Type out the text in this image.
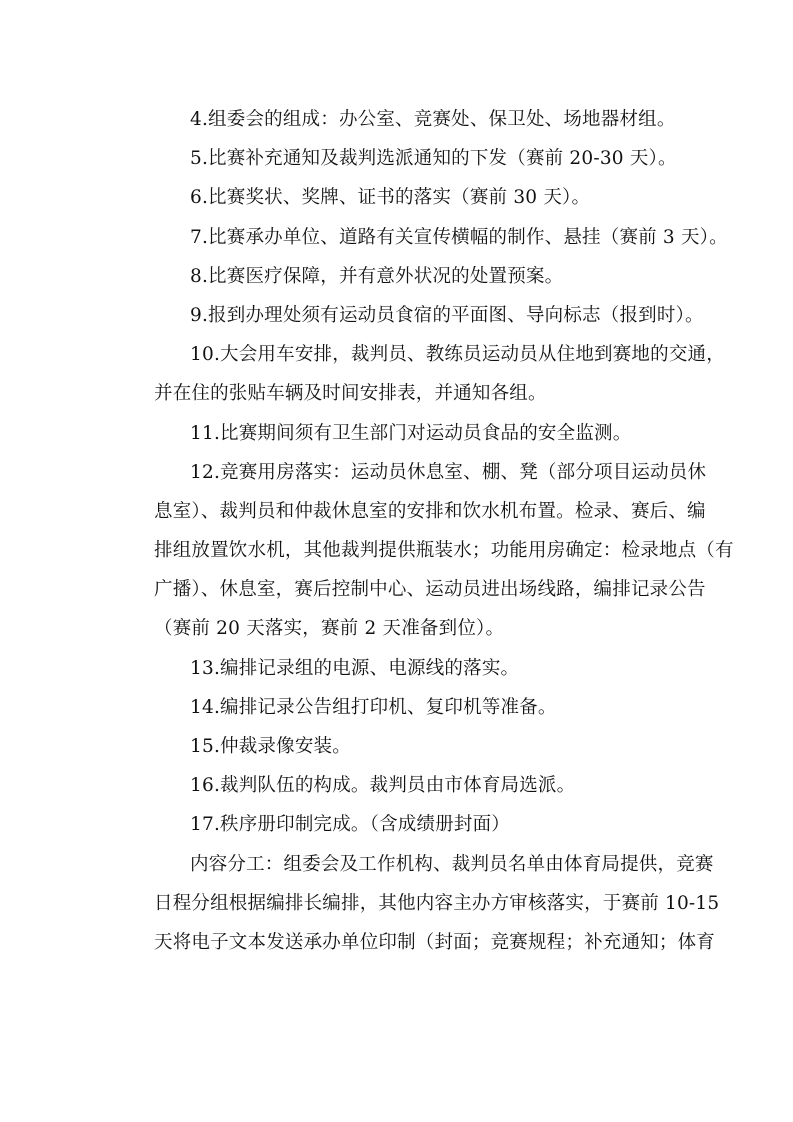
4.组委会的组成：办公室、竞赛处、保卫处、场地器材组。
5.比赛补充通知及裁判选派通知的下发（赛前 20-30 天）。
6.比赛奖状、奖牌、证书的落实（赛前 30 天）。
7.比赛承办单位、道路有关宣传横幅的制作、悬挂（赛前 3 天）。
8.比赛医疗保障，并有意外状况的处置预案。
9.报到办理处须有运动员食宿的平面图、导向标志（报到时）。
10.大会用车安排，裁判员、教练员运动员从住地到赛地的交通，
并在住的张贴车辆及时间安排表，并通知各组。
11.比赛期间须有卫生部门对运动员食品的安全监测。
12.竞赛用房落实：运动员休息室、棚、凳（部分项目运动员休
息室）、裁判员和仲裁休息室的安排和饮水机布置。检录、赛后、编
排组放置饮水机，其他裁判提供瓶装水；功能用房确定：检录地点（有
广播）、休息室，赛后控制中心、运动员进出场线路，编排记录公告
（赛前 20 天落实，赛前 2 天准备到位）。
13.编排记录组的电源、电源线的落实。
14.编排记录公告组打印机、复印机等准备。
15.仲裁录像安装。
16.裁判队伍的构成。裁判员由市体育局选派。
17.秩序册印制完成。（含成绩册封面）
内容分工：组委会及工作机构、裁判员名单由体育局提供，竞赛
日程分组根据编排长编排，其他内容主办方审核落实，于赛前 10-15
天将电子文本发送承办单位印制（封面；竞赛规程；补充通知；体育
